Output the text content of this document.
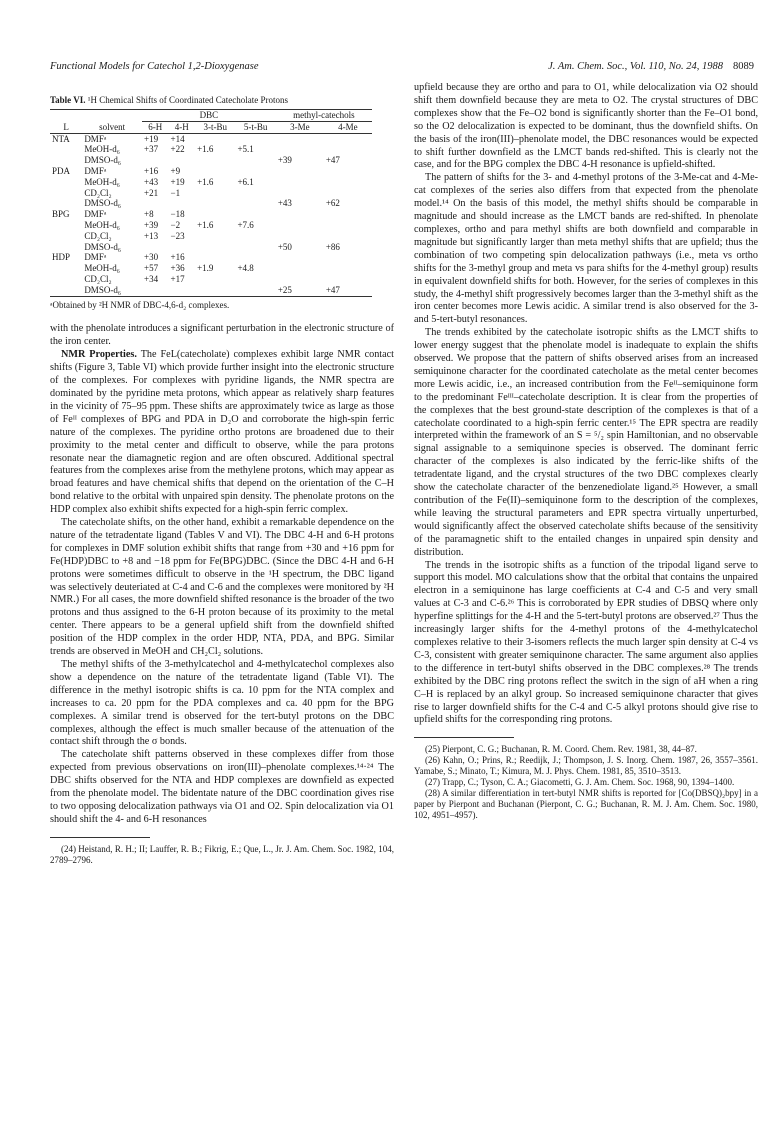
Functional Models for Catechol 1,2-Dioxygenase	J. Am. Chem. Soc., Vol. 110, No. 24, 1988 8089
Table VI. ¹H Chemical Shifts of Coordinated Catecholate Protons
		DBC				methyl-catechols	
L	solvent	6-H	4-H	3-t-Bu	5-t-Bu	3-Me	4-Me
NTA	DMFᵃ	+19	+14				
	MeOH-d₆	+37	+22	+1.6	+5.1		
	DMSO-d₆					+39	+47
PDA	DMFᵃ	+16	+9				
	MeOH-d₆	+43	+19	+1.6	+6.1		
	CD₂Cl₂	+21	−1				
	DMSO-d₆					+43	+62
BPG	DMFᵃ	+8	−18				
	MeOH-d₆	+39	−2	+1.6	+7.6		
	CD₂Cl₂	+13	−23				
	DMSO-d₆					+50	+86
HDP	DMFᵃ	+30	+16				
	MeOH-d₆	+57	+36	+1.9	+4.8		
	CD₂Cl₂	+34	+17				
	DMSO-d₆					+25	+47
ᵃObtained by ²H NMR of DBC-4,6-d₂ complexes.

with the phenolate introduces a significant perturbation in the electronic structure of the iron center.

NMR Properties. The FeL(catecholate) complexes exhibit large NMR contact shifts (Figure 3, Table VI) which provide further insight into the electronic structure of the complexes. For complexes with pyridine ligands, the NMR spectra are dominated by the pyridine meta protons, which appear as relatively sharp features in the vicinity of 75–95 ppm. These shifts are approximately twice as large as those of Feᴵᴵ complexes of BPG and PDA in D₂O and corroborate the high-spin ferric nature of the complexes. The pyridine ortho protons are broadened due to their proximity to the metal center and difficult to observe, while the para protons resonate near the diamagnetic region and are often obscured. Additional spectral features from the complexes arise from the methylene protons, which may appear as broad features and have chemical shifts that depend on the orientation of the C–H bond relative to the orbital with unpaired spin density. The phenolate protons on the HDP complex also exhibit shifts expected for a high-spin ferric complex.

The catecholate shifts, on the other hand, exhibit a remarkable dependence on the nature of the tetradentate ligand (Tables V and VI). The DBC 4-H and 6-H protons for complexes in DMF solution exhibit shifts that range from +30 and +16 ppm for Fe(HDP)DBC to +8 and −18 ppm for Fe(BPG)DBC. (Since the DBC 4-H and 6-H protons were sometimes difficult to observe in the ¹H spectrum, the DBC ligand was selectively deuteriated at C-4 and C-6 and the complexes were monitored by ²H NMR.) For all cases, the more downfield shifted resonance is the broader of the two protons and thus assigned to the 6-H proton because of its proximity to the metal center. There appears to be a general upfield shift from the downfield shifted position of the HDP complex in the order HDP, NTA, PDA, and BPG. Similar trends are observed in MeOH and CH₂Cl₂ solutions.

The methyl shifts of the 3-methylcatechol and 4-methylcatechol complexes also show a dependence on the nature of the tetradentate ligand (Table VI). The difference in the methyl isotropic shifts is ca. 10 ppm for the NTA complex and increases to ca. 20 ppm for the PDA complexes and ca. 40 ppm for the BPG complexes. A similar trend is observed for the tert-butyl protons on the DBC complexes, although the effect is much smaller because of the attenuation of the contact shift through the σ bonds.

The catecholate shift patterns observed in these complexes differ from those expected from previous observations on iron(III)–phenolate complexes.¹⁴·²⁴ The DBC shifts observed for the NTA and HDP complexes are downfield as expected from the phenolate model. The bidentate nature of the DBC coordination gives rise to two opposing delocalization pathways via O1 and O2. Spin delocalization via O1 should shift the 4- and 6-H resonances

(24) Heistand, R. H.; II; Lauffer, R. B.; Fikrig, E.; Que, L., Jr. J. Am. Chem. Soc. 1982, 104, 2789–2796.

upfield because they are ortho and para to O1, while delocalization via O2 should shift them downfield because they are meta to O2. The crystal structures of DBC complexes show that the Fe–O2 bond is significantly shorter than the Fe–O1 bond, so the O2 delocalization is expected to be dominant, thus the downfield shifts. On the basis of the iron(III)–phenolate model, the DBC resonances would be expected to shift further downfield as the LMCT bands red-shifted. This is clearly not the case, and for the BPG complex the DBC 4-H resonance is upfield-shifted.

The pattern of shifts for the 3- and 4-methyl protons of the 3-Me-cat and 4-Me-cat complexes of the series also differs from that expected from the phenolate model.¹⁴ On the basis of this model, the methyl shifts should be comparable in magnitude and should increase as the LMCT bands are red-shifted. In phenolate complexes, ortho and para methyl shifts are both downfield and comparable in magnitude but significantly larger than meta methyl shifts that are upfield; thus the combination of two competing spin delocalization pathways (i.e., meta vs ortho shifts for the 3-methyl group and meta vs para shifts for the 4-methyl group) results in equivalent downfield shifts for both. However, for the series of complexes in this study, the 4-methyl shift progressively becomes larger than the 3-methyl shift as the iron center becomes more Lewis acidic. A similar trend is also observed for the 3- and 5-tert-butyl resonances.

The trends exhibited by the catecholate isotropic shifts as the LMCT shifts to lower energy suggest that the phenolate model is inadequate to explain the shifts observed. We propose that the pattern of shifts observed arises from an increased semiquinone character for the coordinated catecholate as the metal center becomes more Lewis acidic, i.e., an increased contribution from the Feᴵᴵ–semiquinone form to the predominant Feᴵᴵᴵ–catecholate description. It is clear from the properties of the complexes that the best ground-state description of the complexes is that of a catecholate coordinated to a high-spin ferric center.¹⁵ The EPR spectra are readily interpreted within the framework of an S = ⁵/₂ spin Hamiltonian, and no observable signal assignable to a semiquinone species is observed. The dominant ferric character of the complexes is also indicated by the ferric-like shifts of the tetradentate ligand, and the crystal structures of the two DBC complexes clearly show the catecholate character of the benzenediolate ligand.²⁵ However, a small contribution of the Fe(II)–semiquinone form to the description of the complexes, while leaving the structural parameters and EPR spectra virtually unperturbed, would significantly affect the observed catecholate shifts because of the sensitivity of the paramagnetic shift to the entailed changes in unpaired spin density and distribution.

The trends in the isotropic shifts as a function of the tripodal ligand serve to support this model. MO calculations show that the orbital that contains the unpaired electron in a semiquinone has large coefficients at C-4 and C-5 and very small values at C-3 and C-6.²⁶ This is corroborated by EPR studies of DBSQ where only hyperfine splittings for the 4-H and the 5-tert-butyl protons are observed.²⁷ Thus the increasingly larger shifts for the 4-methyl protons of the 4-methylcatechol complexes relative to their 3-isomers reflects the much larger spin density at C-4 vs C-3, consistent with greater semiquinone character. The same argument also applies to the difference in tert-butyl shifts observed in the DBC complexes.²⁸ The trends exhibited by the DBC ring protons reflect the switch in the sign of aH when a ring C–H is replaced by an alkyl group. So increased semiquinone character that gives rise to larger downfield shifts for the C-4 and C-5 alkyl protons should give rise to upfield shifts for the corresponding ring protons.

(25) Pierpont, C. G.; Buchanan, R. M. Coord. Chem. Rev. 1981, 38, 44–87.

(26) Kahn, O.; Prins, R.; Reedijk, J.; Thompson, J. S. Inorg. Chem. 1987, 26, 3557–3561. Yamabe, S.; Minato, T.; Kimura, M. J. Phys. Chem. 1981, 85, 3510–3513.

(27) Trapp, C.; Tyson, C. A.; Giacometti, G. J. Am. Chem. Soc. 1968, 90, 1394–1400.

(28) A similar differentiation in tert-butyl NMR shifts is reported for [Co(DBSQ)₂bpy] in a paper by Pierpont and Buchanan (Pierpont, C. G.; Buchanan, R. M. J. Am. Chem. Soc. 1980, 102, 4951–4957).
